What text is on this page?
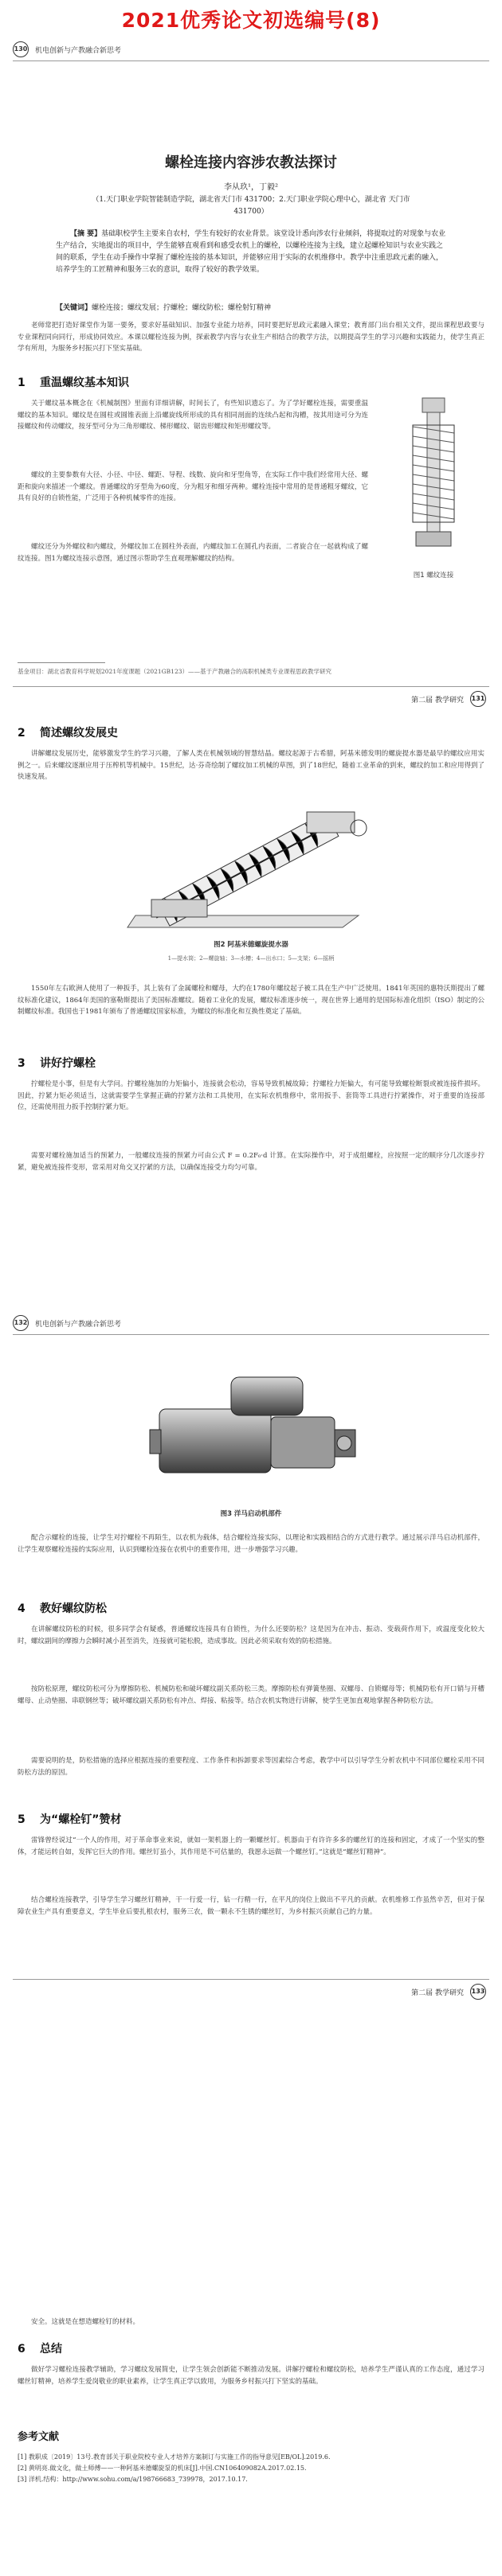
2021优秀论文初选编号(8)
130 机电创新与产教融合新思考
螺栓连接内容涉农教法探讨
李从玖¹，丁毅²
（1.天门职业学院智能制造学院，湖北省天门市 431700；2.天门职业学院心理中心，湖北省 天门市 431700）
【摘 要】基础职校学生主要来自农村，学生有较好的农业背景。该堂设计悉向涉农行业倾斜，将提取过的对现象与农业生产结合，实地提出的项目中，学生能够直观看到和感受农机上的螺栓，以螺栓连接为主线，建立起螺栓知识与农业实践之间的联系，学生在动手操作中掌握了螺栓连接的基本知识，并能够应用于实际的农机维修中。教学中注重思政元素的融入，培养学生的工匠精神和服务三农的意识，取得了较好的教学效果。
【关键词】螺栓连接；螺纹发展；拧螺栓；螺纹防松；螺栓射钉精神
老师常把打造好课堂作为第一要务，要求好基础知识、加强专业能力培养，同时要把好思政元素融入课堂；教育部门出台相关文件，提出课程思政要与专业课程同向同行，形成协同效应。本课以螺栓连接为例，探索教学内容与农业生产相结合的教学方法，以期提高学生的学习兴趣和实践能力，使学生真正学有所用，为服务乡村振兴打下坚实基础。
1 重温螺纹基本知识
关于螺纹基本概念在《机械制图》里面有详细讲解，时间长了，有些知识遗忘了。为了学好螺栓连接，需要重温螺纹的基本知识。螺纹是在圆柱或圆锥表面上沿螺旋线所形成的具有相同剖面的连续凸起和沟槽，按其用途可分为连接螺纹和传动螺纹，按牙型可分为三角形螺纹、梯形螺纹、锯齿形螺纹和矩形螺纹等。
螺纹的主要参数有大径、小径、中径、螺距、导程、线数、旋向和牙型角等，在实际工作中我们经常用大径、螺距和旋向来描述一个螺纹。普通螺纹的牙型角为60度，分为粗牙和细牙两种。螺栓连接中常用的是普通粗牙螺纹，它具有良好的自锁性能，广泛用于各种机械零件的连接。
螺纹还分为外螺纹和内螺纹，外螺纹加工在圆柱外表面，内螺纹加工在圆孔内表面，二者旋合在一起就构成了螺纹连接。图1为螺纹连接示意图，通过图示帮助学生直观理解螺纹的结构。
图1 螺纹连接
基金项目：湖北省教育科学规划2021年度课题（2021GB123）——基于产教融合的高职机械类专业课程思政教学研究
第二届 教学研究 131
2 简述螺纹发展史
讲解螺纹发展历史，能够激发学生的学习兴趣，了解人类在机械领域的智慧结晶。螺纹起源于古希腊，阿基米德发明的螺旋提水器是最早的螺纹应用实例之一。后来螺纹逐渐应用于压榨机等机械中。15世纪，达·芬奇绘制了螺纹加工机械的草图，到了18世纪，随着工业革命的到来，螺纹的加工和应用得到了快速发展。
图2 阿基米德螺旋提水器
1—提水筒；2—螺旋轴；3—水槽；4—出水口；5—支架；6—摇柄
1550年左右欧洲人使用了一种扳手，其上装有了金属螺栓和螺母，大约在1780年螺纹起子被工具在生产中广泛使用。1841年英国的惠特沃斯提出了螺纹标准化建议，1864年美国的塞勒斯提出了美国标准螺纹。随着工业化的发展，螺纹标准逐步统一，现在世界上通用的是国际标准化组织（ISO）制定的公制螺纹标准。我国也于1981年颁布了普通螺纹国家标准，为螺纹的标准化和互换性奠定了基础。
3 讲好拧螺栓
拧螺栓是小事，但是有大学问。拧螺栓施加的力矩偏小，连接就会松动，容易导致机械故障；拧螺栓力矩偏大，有可能导致螺栓断裂或被连接件损坏。因此，拧紧力矩必须适当，这就需要学生掌握正确的拧紧方法和工具使用，在实际农机维修中，常用扳手、套筒等工具进行拧紧操作，对于重要的连接部位，还需使用扭力扳手控制拧紧力矩。
需要对螺栓施加适当的预紧力，一般螺纹连接的预紧力可由公式 F = 0.2F₀·d 计算。在实际操作中，对于成组螺栓，应按照一定的顺序分几次逐步拧紧，避免被连接件变形，常采用对角交叉拧紧的方法，以确保连接受力均匀可靠。
132 机电创新与产教融合新思考
图3 洋马启动机部件
配合示螺栓的连接，让学生对拧螺栓不再陌生，以农机为载体，结合螺栓连接实际，以理论和实践相结合的方式进行教学。通过展示洋马启动机部件，让学生观察螺栓连接的实际应用，认识到螺栓连接在农机中的重要作用，进一步增强学习兴趣。
4 教好螺纹防松
在讲解螺纹防松的时候，很多同学会有疑惑，普通螺纹连接具有自锁性，为什么还要防松？这是因为在冲击、振动、变载荷作用下，或温度变化较大时，螺纹副间的摩擦力会瞬时减小甚至消失，连接就可能松脱，造成事故。因此必须采取有效的防松措施。
按防松原理，螺纹防松可分为摩擦防松、机械防松和破坏螺纹副关系防松三类。摩擦防松有弹簧垫圈、双螺母、自锁螺母等；机械防松有开口销与开槽螺母、止动垫圈、串联钢丝等；破坏螺纹副关系防松有冲点、焊接、粘接等。结合农机实物进行讲解，使学生更加直观地掌握各种防松方法。
需要说明的是，防松措施的选择应根据连接的重要程度、工作条件和拆卸要求等因素综合考虑，教学中可以引导学生分析农机中不同部位螺栓采用不同防松方法的原因。
5 为“螺栓钉”赞材
雷锋曾经说过“一个人的作用，对于革命事业来说，就如一架机器上的一颗螺丝钉。机器由于有许许多多的螺丝钉的连接和固定，才成了一个坚实的整体，才能运转自如，发挥它巨大的作用。螺丝钉虽小，其作用是不可估量的，我愿永远做一个螺丝钉。”这就是“螺丝钉精神”。
结合螺栓连接教学，引导学生学习螺丝钉精神，干一行爱一行，钻一行精一行，在平凡的岗位上做出不平凡的贡献。农机维修工作虽然辛苦，但对于保障农业生产具有重要意义，学生毕业后要扎根农村，服务三农，做一颗永不生锈的螺丝钉，为乡村振兴贡献自己的力量。
第二届 教学研究 133
安全。这就是在想造螺栓钉的材料。
6 总结
做好学习螺栓连接教学辅助，学习螺纹发展简史，让学生领会创新能不断推动发展。讲解拧螺栓和螺纹防松，培养学生严谨认真的工作态度，通过学习螺丝钉精神，培养学生爱岗敬业的职业素养，让学生真正学以致用，为服务乡村振兴打下坚实的基础。
参考文献
[1] 教职成〔2019〕13号.教育部关于职业院校专业人才培养方案制订与实施工作的指导意见[EB/OL].2019.6.
[2] 黄明亮.做文化，做土师傅——一种阿基米德螺旋泵的机床[J].中国.CN106409082A.2017.02.15.
[3] 洋机.结构：http://www.sohu.com/a/198766683_739978，2017.10.17.
